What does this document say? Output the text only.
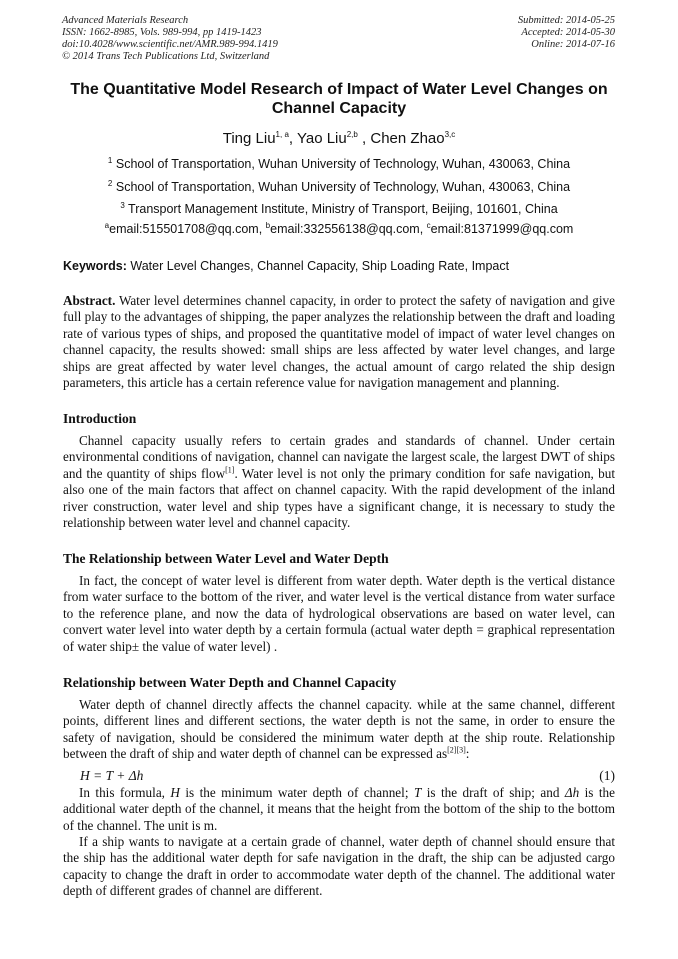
Advanced Materials Research
ISSN: 1662-8985, Vols. 989-994, pp 1419-1423
doi:10.4028/www.scientific.net/AMR.989-994.1419
© 2014 Trans Tech Publications Ltd, Switzerland
Submitted: 2014-05-25
Accepted: 2014-05-30
Online: 2014-07-16
The Quantitative Model Research of Impact of Water Level Changes on Channel Capacity
Ting Liu$^{1, a}$, Yao Liu$^{2,b}$ , Chen Zhao$^{3,c}$
$^1$ School of Transportation, Wuhan University of Technology, Wuhan, 430063, China
$^2$ School of Transportation, Wuhan University of Technology, Wuhan, 430063, China
$^3$ Transport Management Institute, Ministry of Transport, Beijing, 101601, China
$^a$email:515501708@qq.com, $^b$email:332556138@qq.com, $^c$email:81371999@qq.com
Keywords: Water Level Changes, Channel Capacity, Ship Loading Rate, Impact
Abstract. Water level determines channel capacity, in order to protect the safety of navigation and give full play to the advantages of shipping, the paper analyzes the relationship between the draft and loading rate of various types of ships, and proposed the quantitative model of impact of water level changes on channel capacity, the results showed: small ships are less affected by water level changes, and large ships are great affected by water level changes, the actual amount of cargo related the ship design parameters, this article has a certain reference value for navigation management and planning.
Introduction
Channel capacity usually refers to certain grades and standards of channel. Under certain environmental conditions of navigation, channel can navigate the largest scale, the largest DWT of ships and the quantity of ships flow[1]. Water level is not only the primary condition for safe navigation, but also one of the main factors that affect on channel capacity. With the rapid development of the inland river construction, water level and ship types have a significant change, it is necessary to study the relationship between water level and channel capacity.
The Relationship between Water Level and Water Depth
In fact, the concept of water level is different from water depth. Water depth is the vertical distance from water surface to the bottom of the river, and water level is the vertical distance from water surface to the reference plane, and now the data of hydrological observations are based on water level, can convert water level into water depth by a certain formula (actual water depth = graphical representation of water ship± the value of water level) .
Relationship between Water Depth and Channel Capacity
Water depth of channel directly affects the channel capacity. while at the same channel, different points, different lines and different sections, the water depth is not the same, in order to ensure the safety of navigation, should be considered the minimum water depth at the ship route. Relationship between the draft of ship and water depth of channel can be expressed as[2][3]:
H = T + Δh	(1)
In this formula, H is the minimum water depth of channel; T is the draft of ship; and Δh is the additional water depth of the channel, it means that the height from the bottom of the ship to the bottom of the channel. The unit is m.
If a ship wants to navigate at a certain grade of channel, water depth of channel should ensure that the ship has the additional water depth for safe navigation in the draft, the ship can be adjusted cargo capacity to change the draft in order to accommodate water depth of the channel. The additional water depth of different grades of channel are different.
